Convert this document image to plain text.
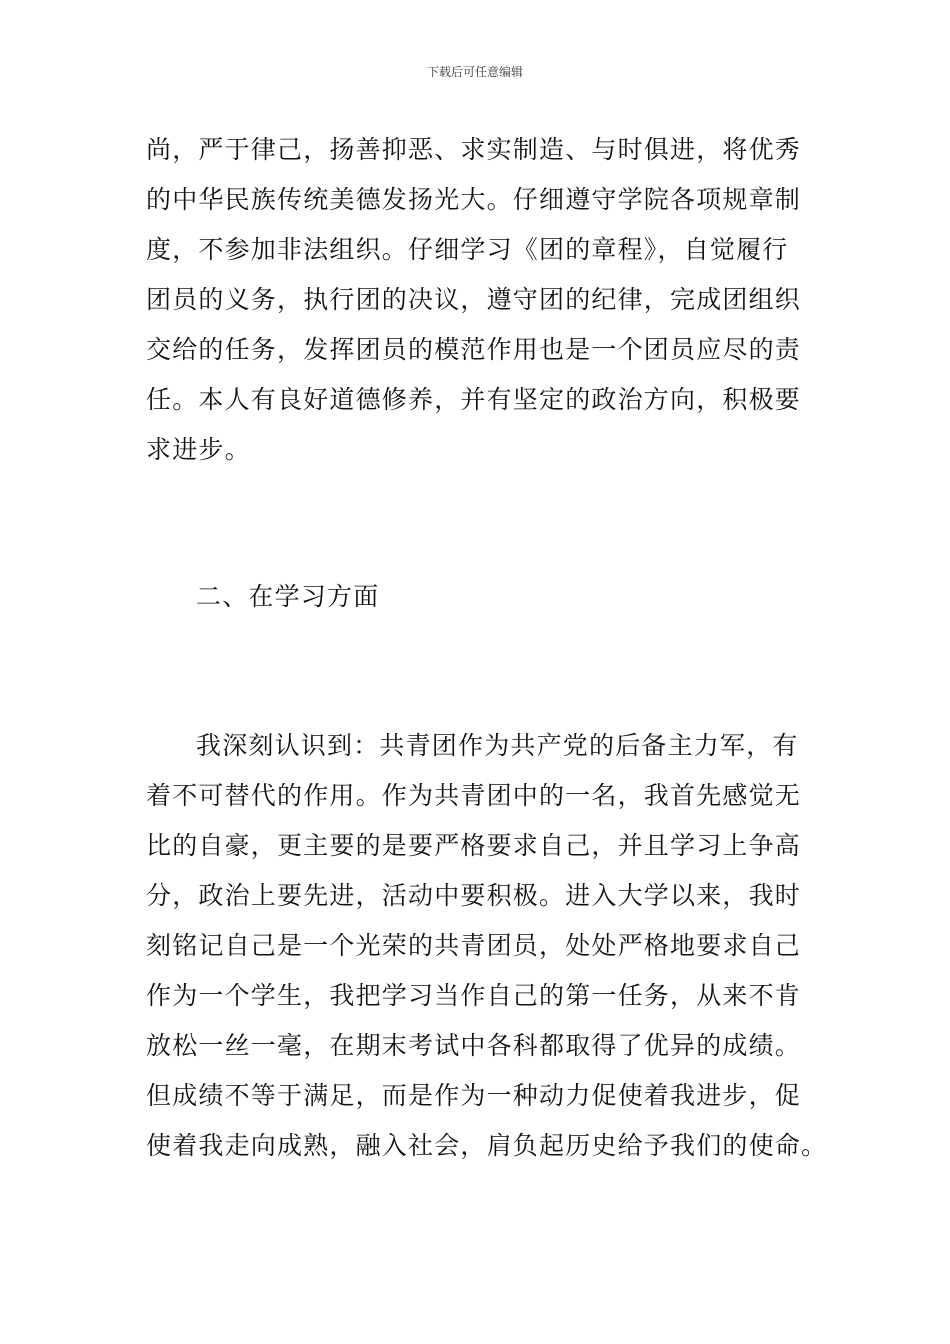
下载后可任意编辑
尚，严于律己，扬善抑恶、求实制造、与时俱进，将优秀
的中华民族传统美德发扬光大。仔细遵守学院各项规章制
度，不参加非法组织。仔细学习《团的章程》，自觉履行
团员的义务，执行团的决议，遵守团的纪律，完成团组织
交给的任务，发挥团员的模范作用也是一个团员应尽的责
任。本人有良好道德修养，并有坚定的政治方向，积极要
求进步。
二、在学习方面
我深刻认识到：共青团作为共产党的后备主力军，有
着不可替代的作用。作为共青团中的一名，我首先感觉无
比的自豪，更主要的是要严格要求自己，并且学习上争高
分，政治上要先进，活动中要积极。进入大学以来，我时
刻铭记自己是一个光荣的共青团员，处处严格地要求自己
作为一个学生，我把学习当作自己的第一任务，从来不肯
放松一丝一毫，在期末考试中各科都取得了优异的成绩。
但成绩不等于满足，而是作为一种动力促使着我进步，促
使着我走向成熟，融入社会，肩负起历史给予我们的使命。
